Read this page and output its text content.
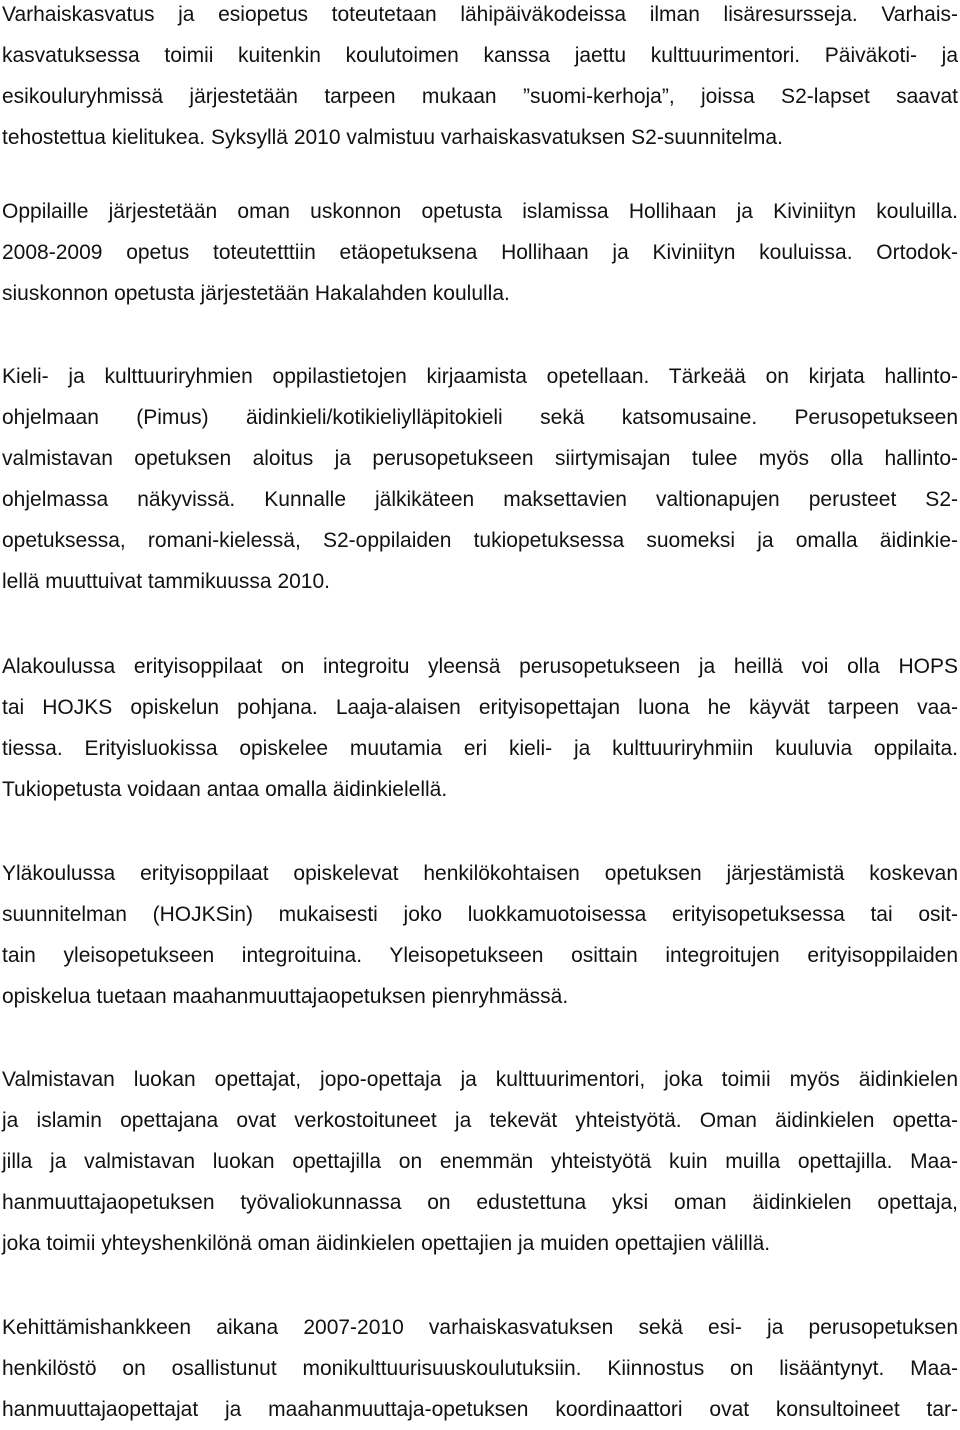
Varhaiskasvatus ja esiopetus toteutetaan lähipäiväkodeissa ilman lisäresursseja. Varhais-
kasvatuksessa toimii kuitenkin koulutoimen kanssa jaettu kulttuurimentori. Päiväkoti- ja
esikouluryhmissä järjestetään tarpeen mukaan ”suomi-kerhoja”, joissa S2-lapset saavat
tehostettua kielitukea. Syksyllä 2010 valmistuu varhaiskasvatuksen S2-suunnitelma.
Oppilaille järjestetään oman uskonnon opetusta islamissa Hollihaan ja Kiviniityn kouluilla.
2008-2009 opetus toteutetttiin etäopetuksena Hollihaan ja Kiviniityn kouluissa. Ortodok-
siuskonnon opetusta järjestetään Hakalahden koululla.
Kieli- ja kulttuuriryhmien oppilastietojen kirjaamista opetellaan. Tärkeää on kirjata hallinto-
ohjelmaan (Pimus) äidinkieli/kotikieliylläpitokieli sekä katsomusaine. Perusopetukseen
valmistavan opetuksen aloitus ja perusopetukseen siirtymisajan tulee myös olla hallinto-
ohjelmassa näkyvissä. Kunnalle jälkikäteen maksettavien valtionapujen perusteet S2-
opetuksessa, romani-kielessä, S2-oppilaiden tukiopetuksessa suomeksi ja omalla äidinkie-
lellä muuttuivat tammikuussa 2010.
Alakoulussa erityisoppilaat on integroitu yleensä perusopetukseen ja heillä voi olla HOPS
tai HOJKS opiskelun pohjana. Laaja-alaisen erityisopettajan luona he käyvät tarpeen vaa-
tiessa. Erityisluokissa opiskelee muutamia eri kieli- ja kulttuuriryhmiin kuuluvia oppilaita.
Tukiopetusta voidaan antaa omalla äidinkielellä.
Yläkoulussa erityisoppilaat opiskelevat henkilökohtaisen opetuksen järjestämistä koskevan
suunnitelman (HOJKSin) mukaisesti joko luokkamuotoisessa erityisopetuksessa tai osit-
tain yleisopetukseen integroituina. Yleisopetukseen osittain integroitujen erityisoppilaiden
opiskelua tuetaan maahanmuuttajaopetuksen pienryhmässä.
Valmistavan luokan opettajat, jopo-opettaja ja kulttuurimentori, joka toimii myös äidinkielen
ja islamin opettajana ovat verkostoituneet ja tekevät yhteistyötä. Oman äidinkielen opetta-
jilla ja valmistavan luokan opettajilla on enemmän yhteistyötä kuin muilla opettajilla. Maa-
hanmuuttajaopetuksen työvaliokunnassa on edustettuna yksi oman äidinkielen opettaja,
joka toimii yhteyshenkilönä oman äidinkielen opettajien ja muiden opettajien välillä.
Kehittämishankkeen aikana 2007-2010 varhaiskasvatuksen sekä esi- ja perusopetuksen
henkilöstö on osallistunut monikulttuurisuuskoulutuksiin. Kiinnostus on lisääntynyt. Maa-
hanmuuttajaopettajat ja maahanmuuttaja-opetuksen koordinaattori ovat konsultoineet tar-
